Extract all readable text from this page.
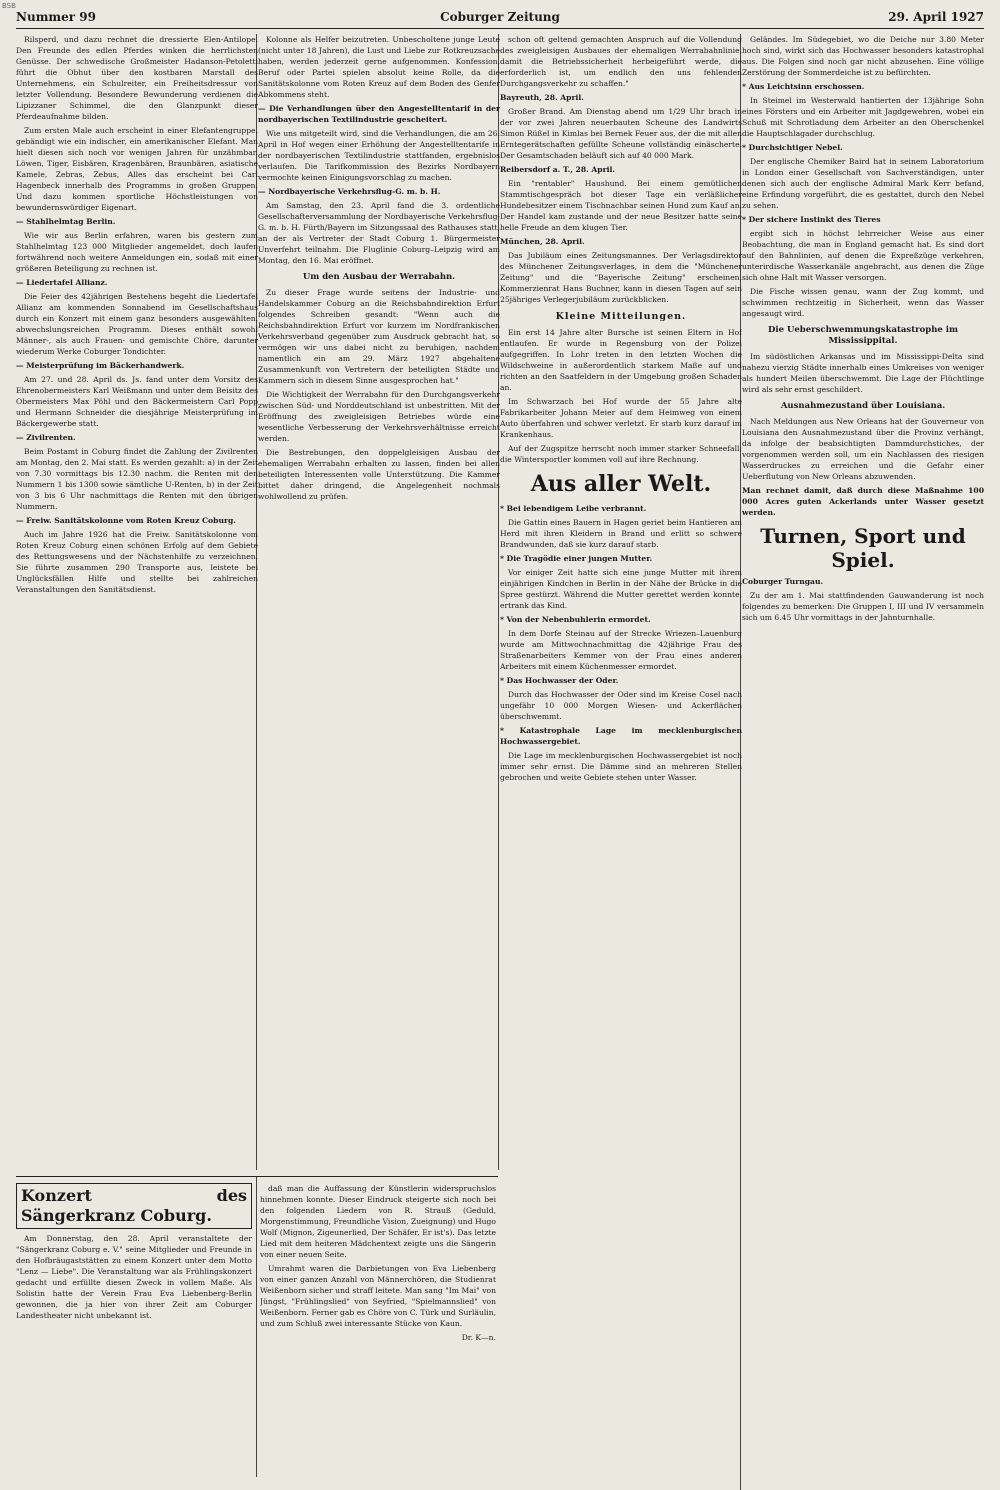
BSB
Nummer 99	Coburger Zeitung	29. April 1927

Rilsperd, und dazu rechnet die dressierte Elen-Antilope. Den Freunde des edlen Pferdes winken die herrlichsten Genüsse. Der schwedische Großmeister Hadanson-Petoletti führt die Obhut über den kostbaren Marstall des Unternehmens, ein Schulreiter, ein Freiheitsdressur von letzter Vollendung. Besondere Bewunderung verdienen die Lipizzaner Schimmel, die den Glanzpunkt dieser Pferdeaufnahme bilden.

Zum ersten Male auch erscheint in einer Elefantengruppe, gebändigt wie ein indischer, ein amerikanischer Elefant. Man hielt diesen sich noch vor wenigen Jahren für unzähmbar. Löwen, Tiger, Eisbären, Kragenbären, Braunbären, asiatische Kamele, Zebras, Zebus, Alles das erscheint bei Carl Hagenbeck innerhalb des Programms in großen Gruppen. Und dazu kommen sportliche Höchstleistungen von bewundernswürdiger Eigenart.

— Stahlhelmtag Berlin.

Wie wir aus Berlin erfahren, waren bis gestern zum Stahlhelmtag 123 000 Mitglieder angemeldet, doch laufen fortwährend noch weitere Anmeldungen ein, sodaß mit einer größeren Beteiligung zu rechnen ist.

— Liedertafel Allianz.

Die Feier des 42jährigen Bestehens begeht die Liedertafel Allianz am kommenden Sonnabend im Gesellschaftshaus durch ein Konzert mit einem ganz besonders ausgewählten, abwechslungsreichen Programm. Dieses enthält sowohl Männer-, als auch Frauen- und gemischte Chöre, darunter wiederum Werke Coburger Tondichter.

— Meisterprüfung im Bäckerhandwerk.

Am 27. und 28. April ds. Js. fand unter dem Vorsitz des Ehrenobermeisters Karl Weißmann und unter dem Beisitz des Obermeisters Max Pöhl und den Bäckermeistern Carl Popp und Hermann Schneider die diesjährige Meisterprüfung im Bäckergewerbe statt.

— Zivilrenten.

Beim Postamt in Coburg findet die Zahlung der Zivilrenten am Montag, den 2. Mai statt. Es werden gezahlt: a) in der Zeit von 7.30 vormittags bis 12.30 nachm. die Renten mit den Nummern 1 bis 1300 sowie sämtliche U-Renten, b) in der Zeit von 3 bis 6 Uhr nachmittags die Renten mit den übrigen Nummern.

— Freiw. Sanitätskolonne vom Roten Kreuz Coburg.

Auch im Jahre 1926 hat die Freiw. Sanitätskolonne vom Roten Kreuz Coburg einen schönen Erfolg auf dem Gebiete des Rettungswesens und der Nächstenhilfe zu verzeichnen. Sie führte zusammen 290 Transporte aus, leistete bei Unglücksfällen Hilfe und stellte bei zahlreichen Veranstaltungen den Sanitätsdienst.

Kolonne als Helfer beizutreten. Unbescholtene junge Leute (nicht unter 18 Jahren), die Lust und Liebe zur Rotkreuzsache haben, werden jederzeit gerne aufgenommen. Konfession, Beruf oder Partei spielen absolut keine Rolle, da die Sanitätskolonne vom Roten Kreuz auf dem Boden des Genfer Abkommens steht.

— Die Verhandlungen über den Angestelltentarif in der nordbayerischen Textilindustrie gescheitert.

Wie uns mitgeteilt wird, sind die Verhandlungen, die am 26. April in Hof wegen einer Erhöhung der Angestelltentarife in der nordbayerischen Textilindustrie stattfanden, ergebnislos verlaufen. Die Tarifkommission des Bezirks Nordbayern vermochte keinen Einigungsvorschlag zu machen.

— Nordbayerische Verkehrsflug-G. m. b. H.

Am Samstag, den 23. April fand die 3. ordentliche Gesellschafterversammlung der Nordbayerische Verkehrsflug-G. m. b. H. Fürth/Bayern im Sitzungssaal des Rathauses statt, an der als Vertreter der Stadt Coburg 1. Bürgermeister Unverfehrt teilnahm. Die Fluglinie Coburg–Leipzig wird am Montag, den 16. Mai eröffnet.

Um den Ausbau der Werrabahn.

Zu dieser Frage wurde seitens der Industrie- und Handelskammer Coburg an die Reichsbahndirektion Erfurt folgendes Schreiben gesandt: "Wenn auch die Reichsbahndirektion Erfurt vor kurzem im Nordfrankischen Verkehrsverband gegenüber zum Ausdruck gebracht hat, so vermögen wir uns dabei nicht zu beruhigen, nachdem namentlich ein am 29. März 1927 abgehaltene Zusammenkunft von Vertretern der beteiligten Städte und Kammern sich in diesem Sinne ausgesprochen hat."

Die Wichtigkeit der Werrabahn für den Durchgangsverkehr zwischen Süd- und Norddeutschland ist unbestritten. Mit der Eröffnung des zweigleisigen Betriebes würde eine wesentliche Verbesserung der Verkehrsverhältnisse erreicht werden.

Die Bestrebungen, den doppelgleisigen Ausbau der ehemaligen Werrabahn erhalten zu lassen, finden bei allen beteiligten Interessenten volle Unterstützung. Die Kammer bittet daher dringend, die Angelegenheit nochmals wohlwollend zu prüfen.

schon oft geltend gemachten Anspruch auf die Vollendung des zweigleisigen Ausbaues der ehemaligen Werrabahnlinie, damit die Betriebssicherheit herbeigeführt werde, die erforderlich ist, um endlich den uns fehlenden Durchgangsverkehr zu schaffen."

Bayreuth, 28. April.

Großer Brand. Am Dienstag abend um 1/29 Uhr brach in der vor zwei Jahren neuerbauten Scheune des Landwirts Simon Rüßel in Kimlas bei Bernek Feuer aus, der die mit allen Erntegerätschaften gefüllte Scheune vollständig einäscherte. Der Gesamtschaden beläuft sich auf 40 000 Mark.

Reibersdorf a. T., 28. April.

Ein "rentabler" Haushund. Bei einem gemütlichen Stammtischgespräch bot dieser Tage ein verläßlicher Hundebesitzer einem Tischnachbar seinen Hund zum Kauf an. Der Handel kam zustande und der neue Besitzer hatte seine helle Freude an dem klugen Tier.

München, 28. April.

Das Jubiläum eines Zeitungsmannes. Der Verlagsdirektor des Münchener Zeitungsverlages, in dem die "Münchener Zeitung" und die "Bayerische Zeitung" erscheinen, Kommerzienrat Hans Buchner, kann in diesen Tagen auf sein 25jähriges Verlegerjubiläum zurückblicken.

Kleine Mitteilungen.

Ein erst 14 Jahre alter Bursche ist seinen Eltern in Hof entlaufen. Er wurde in Regensburg von der Polizei aufgegriffen. In Lohr treten in den letzten Wochen die Wildschweine in außerordentlich starkem Maße auf und richten an den Saatfeldern in der Umgebung großen Schaden an.

Im Schwarzach bei Hof wurde der 55 Jahre alte Fabrikarbeiter Johann Meier auf dem Heimweg von einem Auto überfahren und schwer verletzt. Er starb kurz darauf im Krankenhaus.

Auf der Zugspitze herrscht noch immer starker Schneefall; die Wintersportler kommen voll auf ihre Rechnung.

Aus aller Welt.

* Bei lebendigem Leibe verbrannt.

Die Gattin eines Bauern in Hagen geriet beim Hantieren am Herd mit ihren Kleidern in Brand und erlitt so schwere Brandwunden, daß sie kurz darauf starb.

* Die Tragödie einer jungen Mutter.

Vor einiger Zeit hatte sich eine junge Mutter mit ihrem einjährigen Kindchen in Berlin in der Nähe der Brücke in die Spree gestürzt. Während die Mutter gerettet werden konnte, ertrank das Kind.

* Von der Nebenbuhlerin ermordet.

In dem Dorfe Steinau auf der Strecke Wriezen–Lauenburg wurde am Mittwochnachmittag die 42jährige Frau des Straßenarbeiters Kemmer von der Frau eines anderen Arbeiters mit einem Küchenmesser ermordet.

* Das Hochwasser der Oder.

Durch das Hochwasser der Oder sind im Kreise Cosel nach ungefähr 10 000 Morgen Wiesen- und Ackerflächen überschwemmt.

* Katastrophale Lage im mecklenburgischen Hochwassergebiet.

Die Lage im mecklenburgischen Hochwassergebiet ist noch immer sehr ernst. Die Dämme sind an mehreren Stellen gebrochen und weite Gebiete stehen unter Wasser.

Geländes. Im Südegebiet, wo die Deiche nur 3.80 Meter hoch sind, wirkt sich das Hochwasser besonders katastrophal aus. Die Folgen sind noch gar nicht abzusehen. Eine völlige Zerstörung der Sommerdeiche ist zu befürchten.

* Aus Leichtsinn erschossen.

In Steimel im Westerwald hantierten der 13jährige Sohn eines Försters und ein Arbeiter mit Jagdgewehren, wobei ein Schuß mit Schrotladung dem Arbeiter an den Oberschenkel die Hauptschlagader durchschlug.

* Durchsichtiger Nebel.

Der englische Chemiker Baird hat in seinem Laboratorium in London einer Gesellschaft von Sachverständigen, unter denen sich auch der englische Admiral Mark Kerr befand, eine Erfindung vorgeführt, die es gestattet, durch den Nebel zu sehen.

* Der sichere Instinkt des Tieres

ergibt sich in höchst lehrreicher Weise aus einer Beobachtung, die man in England gemacht hat. Es sind dort auf den Bahnlinien, auf denen die Expreßzüge verkehren, unterirdische Wasserkanäle angebracht, aus denen die Züge sich ohne Halt mit Wasser versorgen.

Die Fische wissen genau, wann der Zug kommt, und schwimmen rechtzeitig in Sicherheit, wenn das Wasser angesaugt wird.

Die Ueberschwemmungskatastrophe im Mississippital.

Im südöstlichen Arkansas und im Mississippi-Delta sind nahezu vierzig Städte innerhalb eines Umkreises von weniger als hundert Meilen überschwemmt. Die Lage der Flüchtlinge wird als sehr ernst geschildert.

Ausnahmezustand über Louisiana.

Nach Meldungen aus New Orleans hat der Gouverneur von Louisiana den Ausnahmezustand über die Provinz verhängt, da infolge der beabsichtigten Dammdurchstiches, der vorgenommen werden soll, um ein Nachlassen des riesigen Wasserdruckes zu erreichen und die Gefahr einer Ueberflutung von New Orleans abzuwenden.

Man rechnet damit, daß durch diese Maßnahme 100 000 Acres guten Ackerlands unter Wasser gesetzt werden.

Turnen, Sport und Spiel.

Coburger Turngau.

Zu der am 1. Mai stattfindenden Gauwanderung ist noch folgendes zu bemerken: Die Gruppen I, III und IV versammeln sich um 6.45 Uhr vormittags in der Jahnturnhalle.

Konzert des Sängerkranz Coburg.

Am Donnerstag, den 28. April veranstaltete der "Sängerkranz Coburg e. V." seine Mitglieder und Freunde in den Hofbräugaststätten zu einem Konzert unter dem Motto "Lenz — Liebe". Die Veranstaltung war als Frühlingskonzert gedacht und erfüllte diesen Zweck in vollem Maße. Als Solistin hatte der Verein Frau Eva Liebenberg-Berlin gewonnen, die ja hier von ihrer Zeit am Coburger Landestheater nicht unbekannt ist.

daß man die Auffassung der Künstlerin widerspruchslos hinnehmen konnte. Dieser Eindruck steigerte sich noch bei den folgenden Liedern von R. Strauß (Geduld, Morgenstimmung, Freundliche Vision, Zueignung) und Hugo Wolf (Mignon, Zigeunerlied, Der Schäfer, Er ist's). Das letzte Lied mit dem heiteren Mädchentext zeigte uns die Sängerin von einer neuen Seite.

Umrahmt waren die Darbietungen von Eva Liebenberg von einer ganzen Anzahl von Männerchören, die Studienrat Weißenborn sicher und straff leitete. Man sang "Im Mai" von Jüngst, "Frühlingslied" von Seyfried, "Spielmannslied" von Weißenborn. Ferner gab es Chöre von C. Türk und Surläulin, und zum Schluß zwei interessante Stücke von Kaun.

Dr. K—n.
